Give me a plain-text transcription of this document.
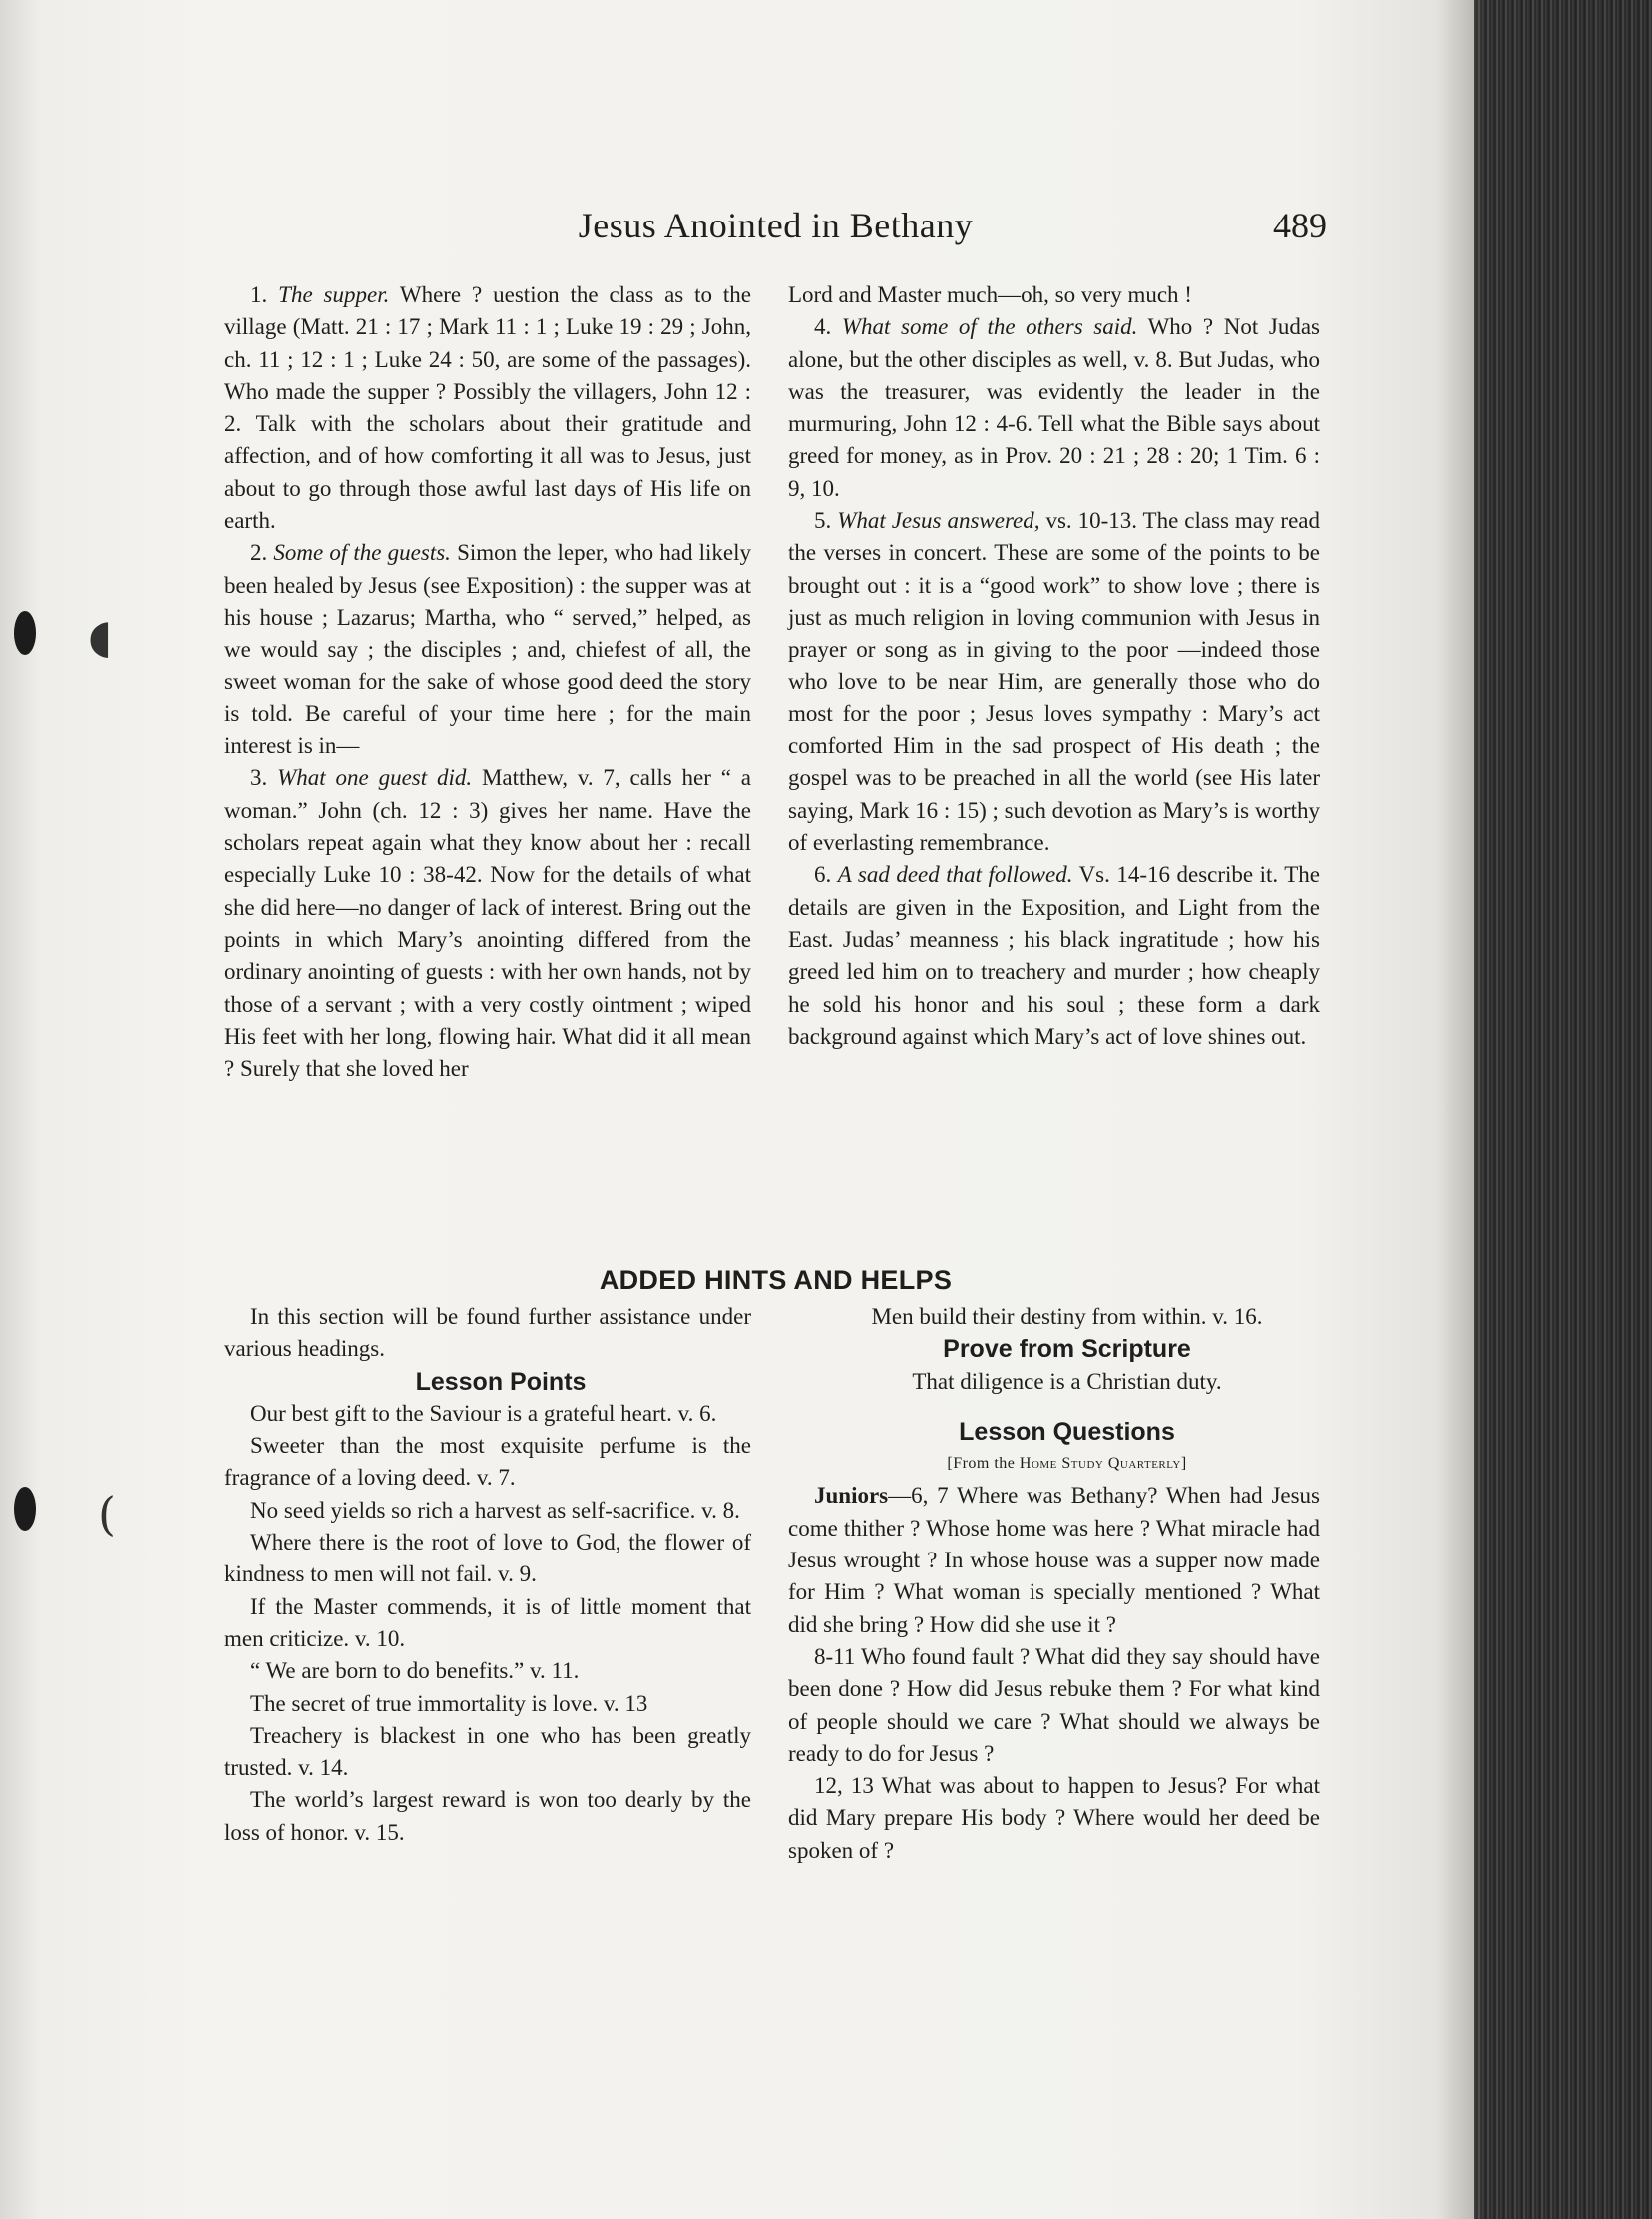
◖
(
Jesus Anointed in Bethany	489

1. The supper. Where ? uestion the class as to the village (Matt. 21 : 17 ; Mark 11 : 1 ; Luke 19 : 29 ; John, ch. 11 ; 12 : 1 ; Luke 24 : 50, are some of the passages). Who made the supper ? Possibly the villagers, John 12 : 2. Talk with the scholars about their gratitude and affection, and of how comforting it all was to Jesus, just about to go through those awful last days of His life on earth.

2. Some of the guests. Simon the leper, who had likely been healed by Jesus (see Exposition) : the supper was at his house ; Lazarus; Martha, who “ served,” helped, as we would say ; the disciples ; and, chiefest of all, the sweet woman for the sake of whose good deed the story is told. Be careful of your time here ; for the main interest is in—

3. What one guest did. Matthew, v. 7, calls her “ a woman.” John (ch. 12 : 3) gives her name. Have the scholars repeat again what they know about her : recall especially Luke 10 : 38-42. Now for the details of what she did here—no danger of lack of interest. Bring out the points in which Mary’s anointing differed from the ordinary anointing of guests : with her own hands, not by those of a servant ; with a very costly ointment ; wiped His feet with her long, flowing hair. What did it all mean ? Surely that she loved her

Lord and Master much—oh, so very much !

4. What some of the others said. Who ? Not Judas alone, but the other disciples as well, v. 8. But Judas, who was the treasurer, was evidently the leader in the murmuring, John 12 : 4-6. Tell what the Bible says about greed for money, as in Prov. 20 : 21 ; 28 : 20; 1 Tim. 6 : 9, 10.

5. What Jesus answered, vs. 10-13. The class may read the verses in concert. These are some of the points to be brought out : it is a “good work” to show love ; there is just as much religion in loving communion with Jesus in prayer or song as in giving to the poor —indeed those who love to be near Him, are generally those who do most for the poor ; Jesus loves sympathy : Mary’s act comforted Him in the sad prospect of His death ; the gospel was to be preached in all the world (see His later saying, Mark 16 : 15) ; such devotion as Mary’s is worthy of everlasting remembrance.

6. A sad deed that followed. Vs. 14-16 describe it. The details are given in the Exposition, and Light from the East. Judas’ meanness ; his black ingratitude ; how his greed led him on to treachery and murder ; how cheaply he sold his honor and his soul ; these form a dark background against which Mary’s act of love shines out.

ADDED HINTS AND HELPS

In this section will be found further assistance under various headings.

Lesson Points

Our best gift to the Saviour is a grateful heart. v. 6.

Sweeter than the most exquisite perfume is the fragrance of a loving deed. v. 7.

No seed yields so rich a harvest as self-sacrifice. v. 8.

Where there is the root of love to God, the flower of kindness to men will not fail. v. 9.

If the Master commends, it is of little moment that men criticize. v. 10.

“ We are born to do benefits.” v. 11.

The secret of true immortality is love. v. 13

Treachery is blackest in one who has been greatly trusted. v. 14.

The world’s largest reward is won too dearly by the loss of honor. v. 15.

Men build their destiny from within. v. 16.

Prove from Scripture

That diligence is a Christian duty.

Lesson Questions

[From the Home Study Quarterly]

Juniors—6, 7 Where was Bethany? When had Jesus come thither ? Whose home was here ? What miracle had Jesus wrought ? In whose house was a supper now made for Him ? What woman is specially mentioned ? What did she bring ? How did she use it ?

8-11 Who found fault ? What did they say should have been done ? How did Jesus rebuke them ? For what kind of people should we care ? What should we always be ready to do for Jesus ?

12, 13 What was about to happen to Jesus? For what did Mary prepare His body ? Where would her deed be spoken of ?
